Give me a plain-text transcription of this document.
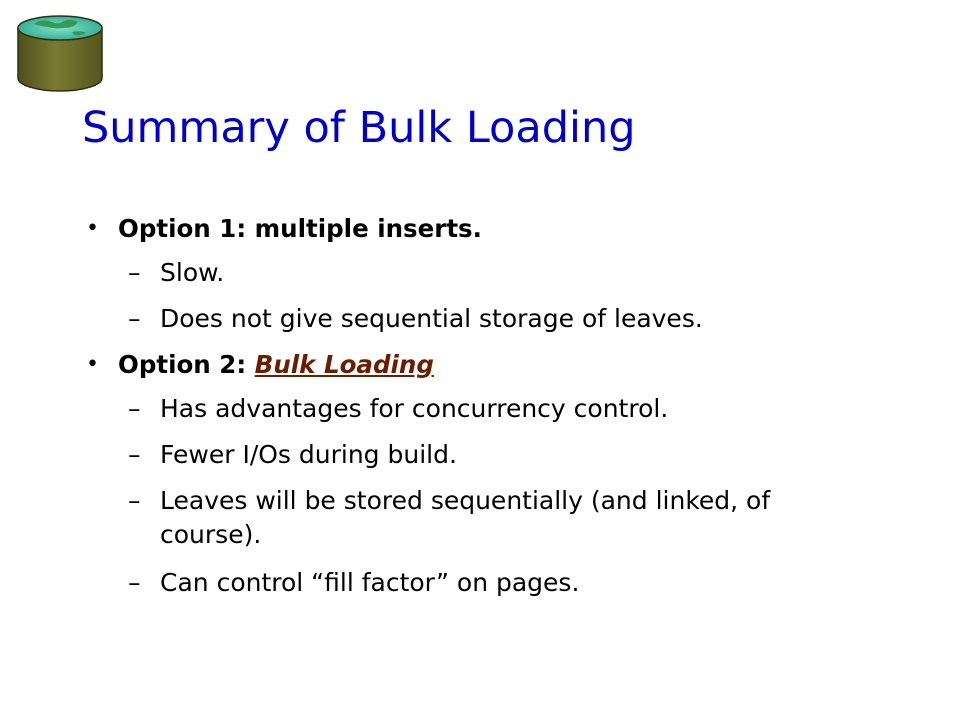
Summary of Bulk Loading
• Option 1: multiple inserts.
– Slow.
– Does not give sequential storage of leaves.
• Option 2: Bulk Loading
– Has advantages for concurrency control.
– Fewer I/Os during build.
– Leaves will be stored sequentially (and linked, of
course).
– Can control “fill factor” on pages.
